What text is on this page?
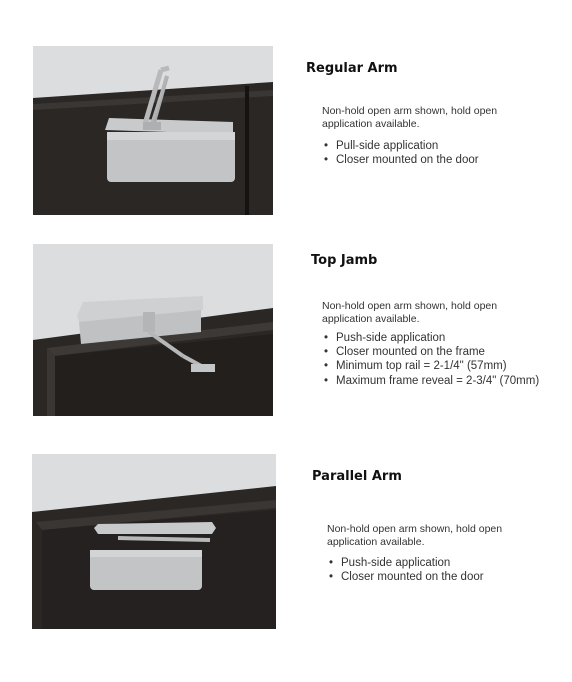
Regular Arm
Non-hold open arm shown, hold open application available.
• Pull-side application
• Closer mounted on the door
Top Jamb
Non-hold open arm shown, hold open application available.
• Push-side application
• Closer mounted on the frame
• Minimum top rail = 2-1/4" (57mm)
• Maximum frame reveal = 2-3/4" (70mm)
Parallel Arm
Non-hold open arm shown, hold open application available.
• Push-side application
• Closer mounted on the door
